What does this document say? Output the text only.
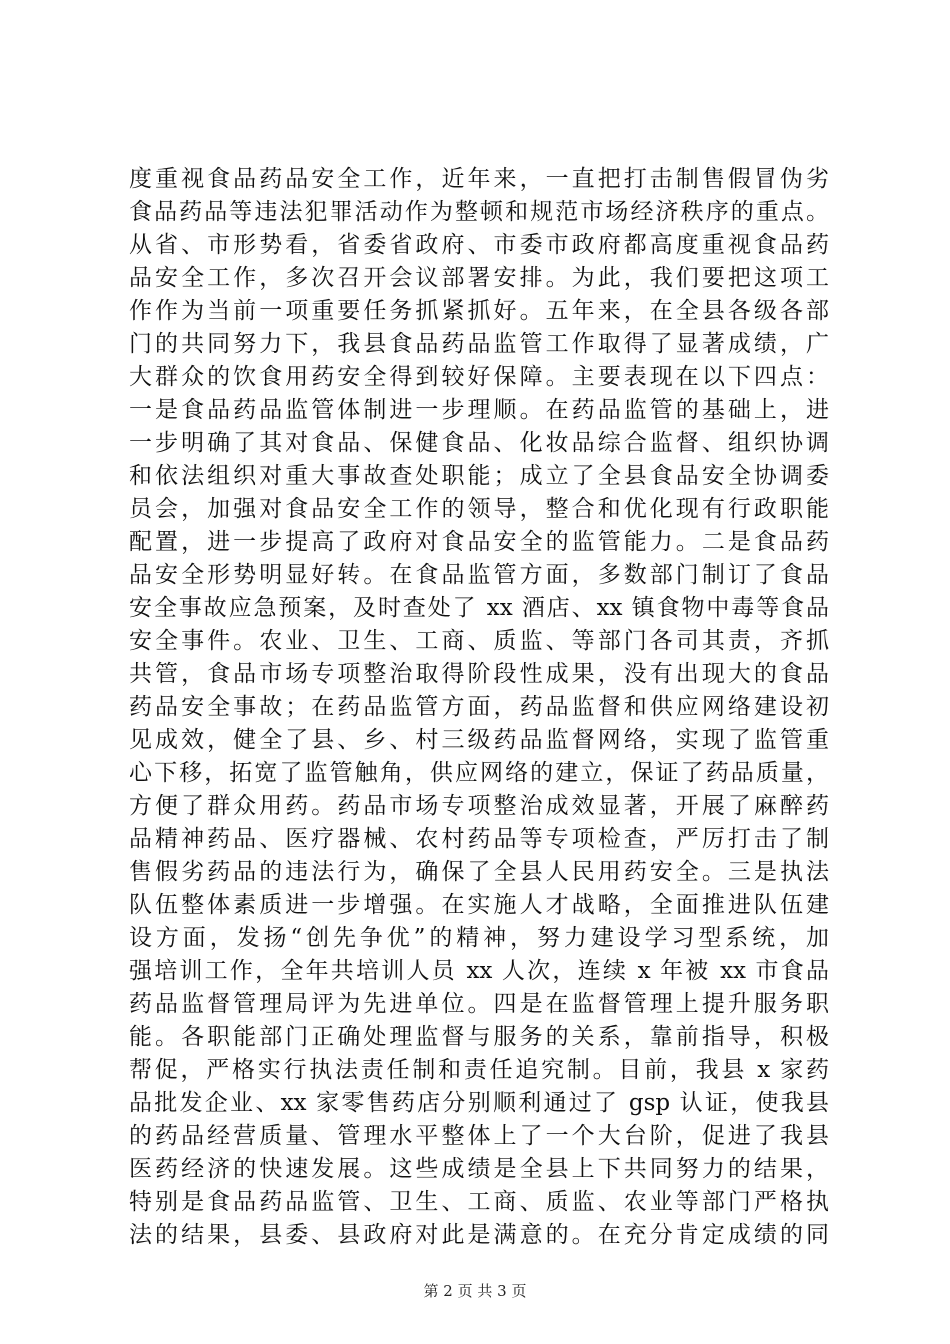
度重视食品药品安全工作，近年来，一直把打击制售假冒伪劣
食品药品等违法犯罪活动作为整顿和规范市场经济秩序的重点。
从省、市形势看，省委省政府、市委市政府都高度重视食品药
品安全工作，多次召开会议部署安排。为此，我们要把这项工
作作为当前一项重要任务抓紧抓好。五年来，在全县各级各部
门的共同努力下，我县食品药品监管工作取得了显著成绩，广
大群众的饮食用药安全得到较好保障。主要表现在以下四点：
一是食品药品监管体制进一步理顺。在药品监管的基础上，进
一步明确了其对食品、保健食品、化妆品综合监督、组织协调
和依法组织对重大事故查处职能；成立了全县食品安全协调委
员会，加强对食品安全工作的领导，整合和优化现有行政职能
配置，进一步提高了政府对食品安全的监管能力。二是食品药
品安全形势明显好转。在食品监管方面，多数部门制订了食品
安全事故应急预案，及时查处了 xx 酒店、xx 镇食物中毒等食品
安全事件。农业、卫生、工商、质监、等部门各司其责，齐抓
共管，食品市场专项整治取得阶段性成果，没有出现大的食品
药品安全事故；在药品监管方面，药品监督和供应网络建设初
见成效，健全了县、乡、村三级药品监督网络，实现了监管重
心下移，拓宽了监管触角，供应网络的建立，保证了药品质量，
方便了群众用药。药品市场专项整治成效显著，开展了麻醉药
品精神药品、医疗器械、农村药品等专项检查，严厉打击了制
售假劣药品的违法行为，确保了全县人民用药安全。三是执法
队伍整体素质进一步增强。在实施人才战略，全面推进队伍建
设方面，发扬“创先争优”的精神，努力建设学习型系统，加
强培训工作，全年共培训人员 xx 人次，连续 x 年被 xx 市食品
药品监督管理局评为先进单位。四是在监督管理上提升服务职
能。各职能部门正确处理监督与服务的关系，靠前指导，积极
帮促，严格实行执法责任制和责任追究制。目前，我县 x 家药
品批发企业、xx 家零售药店分别顺利通过了 gsp 认证，使我县
的药品经营质量、管理水平整体上了一个大台阶，促进了我县
医药经济的快速发展。这些成绩是全县上下共同努力的结果，
特别是食品药品监管、卫生、工商、质监、农业等部门严格执
法的结果，县委、县政府对此是满意的。在充分肯定成绩的同
第 2 页 共 3 页
